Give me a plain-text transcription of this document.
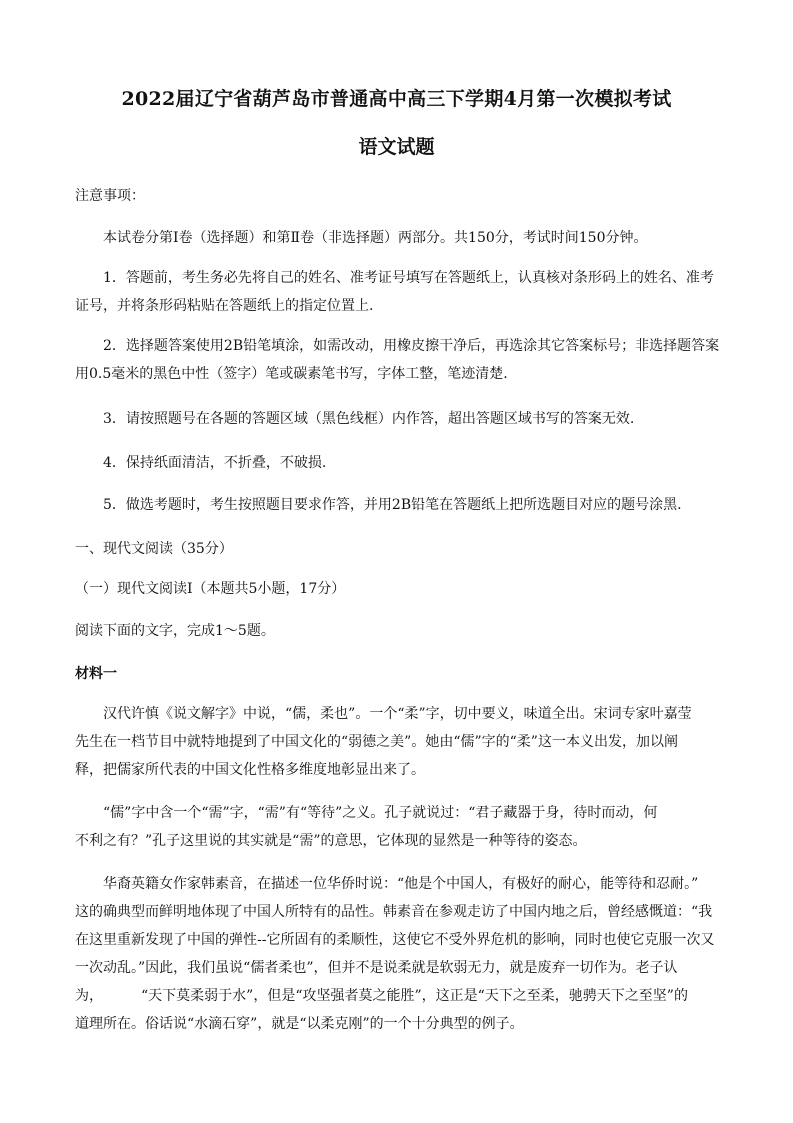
2022届辽宁省葫芦岛市普通高中高三下学期4月第一次模拟考试
语文试题
注意事项：
本试卷分第Ⅰ卷（选择题）和第Ⅱ卷（非选择题）两部分。共150分，考试时间150分钟。
1．答题前，考生务必先将自己的姓名、准考证号填写在答题纸上，认真核对条形码上的姓名、准考
证号，并将条形码粘贴在答题纸上的指定位置上.
2．选择题答案使用2B铅笔填涂，如需改动，用橡皮擦干净后，再选涂其它答案标号；非选择题答案
用0.5毫米的黑色中性（签字）笔或碳素笔书写，字体工整，笔迹清楚.
3．请按照题号在各题的答题区域（黑色线框）内作答，超出答题区域书写的答案无效.
4．保持纸面清洁，不折叠，不破损.
5．做选考题时，考生按照题目要求作答，并用2B铅笔在答题纸上把所选题目对应的题号涂黑.
一、现代文阅读（35分）
（一）现代文阅读Ⅰ（本题共5小题，17分）
阅读下面的文字，完成1～5题。
材料一
汉代许慎《说文解字》中说，“儒，柔也”。一个“柔”字，切中要义，味道全出。宋词专家叶嘉莹
先生在一档节目中就特地提到了中国文化的“弱德之美”。她由“儒”字的“柔”这一本义出发，加以阐
释，把儒家所代表的中国文化性格多维度地彰显出来了。
“儒”字中含一个“需”字，“需”有“等待”之义。孔子就说过：“君子藏器于身，待时而动，何
不利之有？”孔子这里说的其实就是“需”的意思，它体现的显然是一种等待的姿态。
华裔英籍女作家韩素音，在描述一位华侨时说：“他是个中国人，有极好的耐心，能等待和忍耐。”
这的确典型而鲜明地体现了中国人所特有的品性。韩素音在参观走访了中国内地之后，曾经感慨道：“我
在这里重新发现了中国的弹性--它所固有的柔顺性，这使它不受外界危机的影响，同时也使它克服一次又
一次动乱。”因此，我们虽说“儒者柔也”，但并不是说柔就是软弱无力，就是废弃一切作为。老子认
为，	“天下莫柔弱于水”，但是“攻坚强者莫之能胜”，这正是“天下之至柔，驰骋天下之至坚”的
道理所在。俗话说“水滴石穿”，就是“以柔克刚”的一个十分典型的例子。
